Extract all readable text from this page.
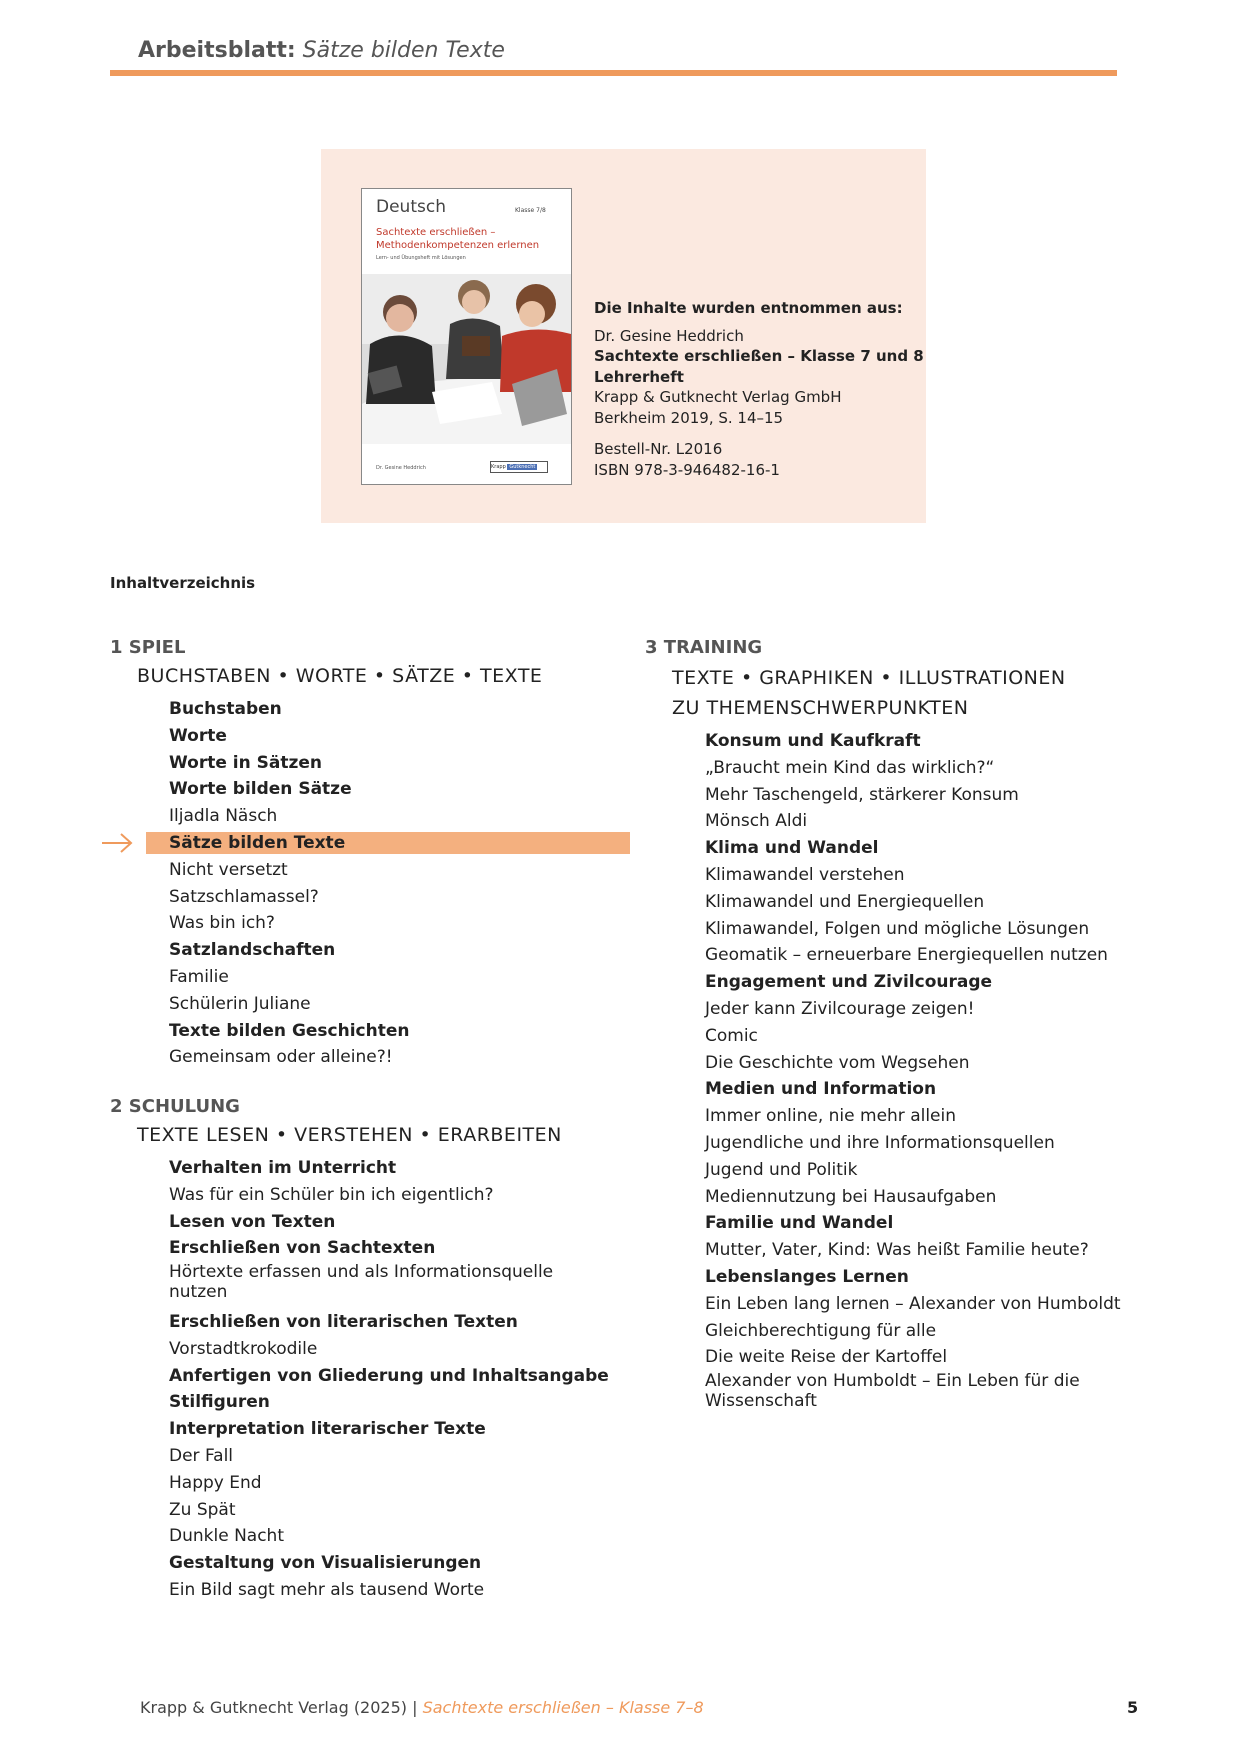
Arbeitsblatt: Sätze bilden Texte
Deutsch	Klasse 7/8
Sachtexte erschließen –
Methodenkompetenzen erlernen
Lern- und Übungsheft mit Lösungen
Dr. Gesine Heddrich	Krapp Gutknecht
Die Inhalte wurden entnommen aus:
Dr. Gesine Heddrich
Sachtexte erschließen – Klasse 7 und 8
Lehrerheft
Krapp & Gutknecht Verlag GmbH
Berkheim 2019, S. 14–15
Bestell-Nr. L2016
ISBN 978-3-946482-16-1
Inhaltverzeichnis
1 SPIEL
BUCHSTABEN • WORTE • SÄTZE • TEXTE
Buchstaben
Worte
Worte in Sätzen
Worte bilden Sätze
Iljadla Näsch
Sätze bilden Texte
Nicht versetzt
Satzschlamassel?
Was bin ich?
Satzlandschaften
Familie
Schülerin Juliane
Texte bilden Geschichten
Gemeinsam oder alleine?!
2 SCHULUNG
TEXTE LESEN • VERSTEHEN • ERARBEITEN
Verhalten im Unterricht
Was für ein Schüler bin ich eigentlich?
Lesen von Texten
Erschließen von Sachtexten
Hörtexte erfassen und als Informationsquelle nutzen
Erschließen von literarischen Texten
Vorstadtkrokodile
Anfertigen von Gliederung und Inhaltsangabe
Stilfiguren
Interpretation literarischer Texte
Der Fall
Happy End
Zu Spät
Dunkle Nacht
Gestaltung von Visualisierungen
Ein Bild sagt mehr als tausend Worte
3 TRAINING
TEXTE • GRAPHIKEN • ILLUSTRATIONEN
ZU THEMENSCHWERPUNKTEN
Konsum und Kaufkraft
„Braucht mein Kind das wirklich?“
Mehr Taschengeld, stärkerer Konsum
Mönsch Aldi
Klima und Wandel
Klimawandel verstehen
Klimawandel und Energiequellen
Klimawandel, Folgen und mögliche Lösungen
Geomatik – erneuerbare Energiequellen nutzen
Engagement und Zivilcourage
Jeder kann Zivilcourage zeigen!
Comic
Die Geschichte vom Wegsehen
Medien und Information
Immer online, nie mehr allein
Jugendliche und ihre Informationsquellen
Jugend und Politik
Mediennutzung bei Hausaufgaben
Familie und Wandel
Mutter, Vater, Kind: Was heißt Familie heute?
Lebenslanges Lernen
Ein Leben lang lernen – Alexander von Humboldt
Gleichberechtigung für alle
Die weite Reise der Kartoffel
Alexander von Humboldt – Ein Leben für die Wissenschaft
Krapp & Gutknecht Verlag (2025) | Sachtexte erschließen – Klasse 7–8	5
